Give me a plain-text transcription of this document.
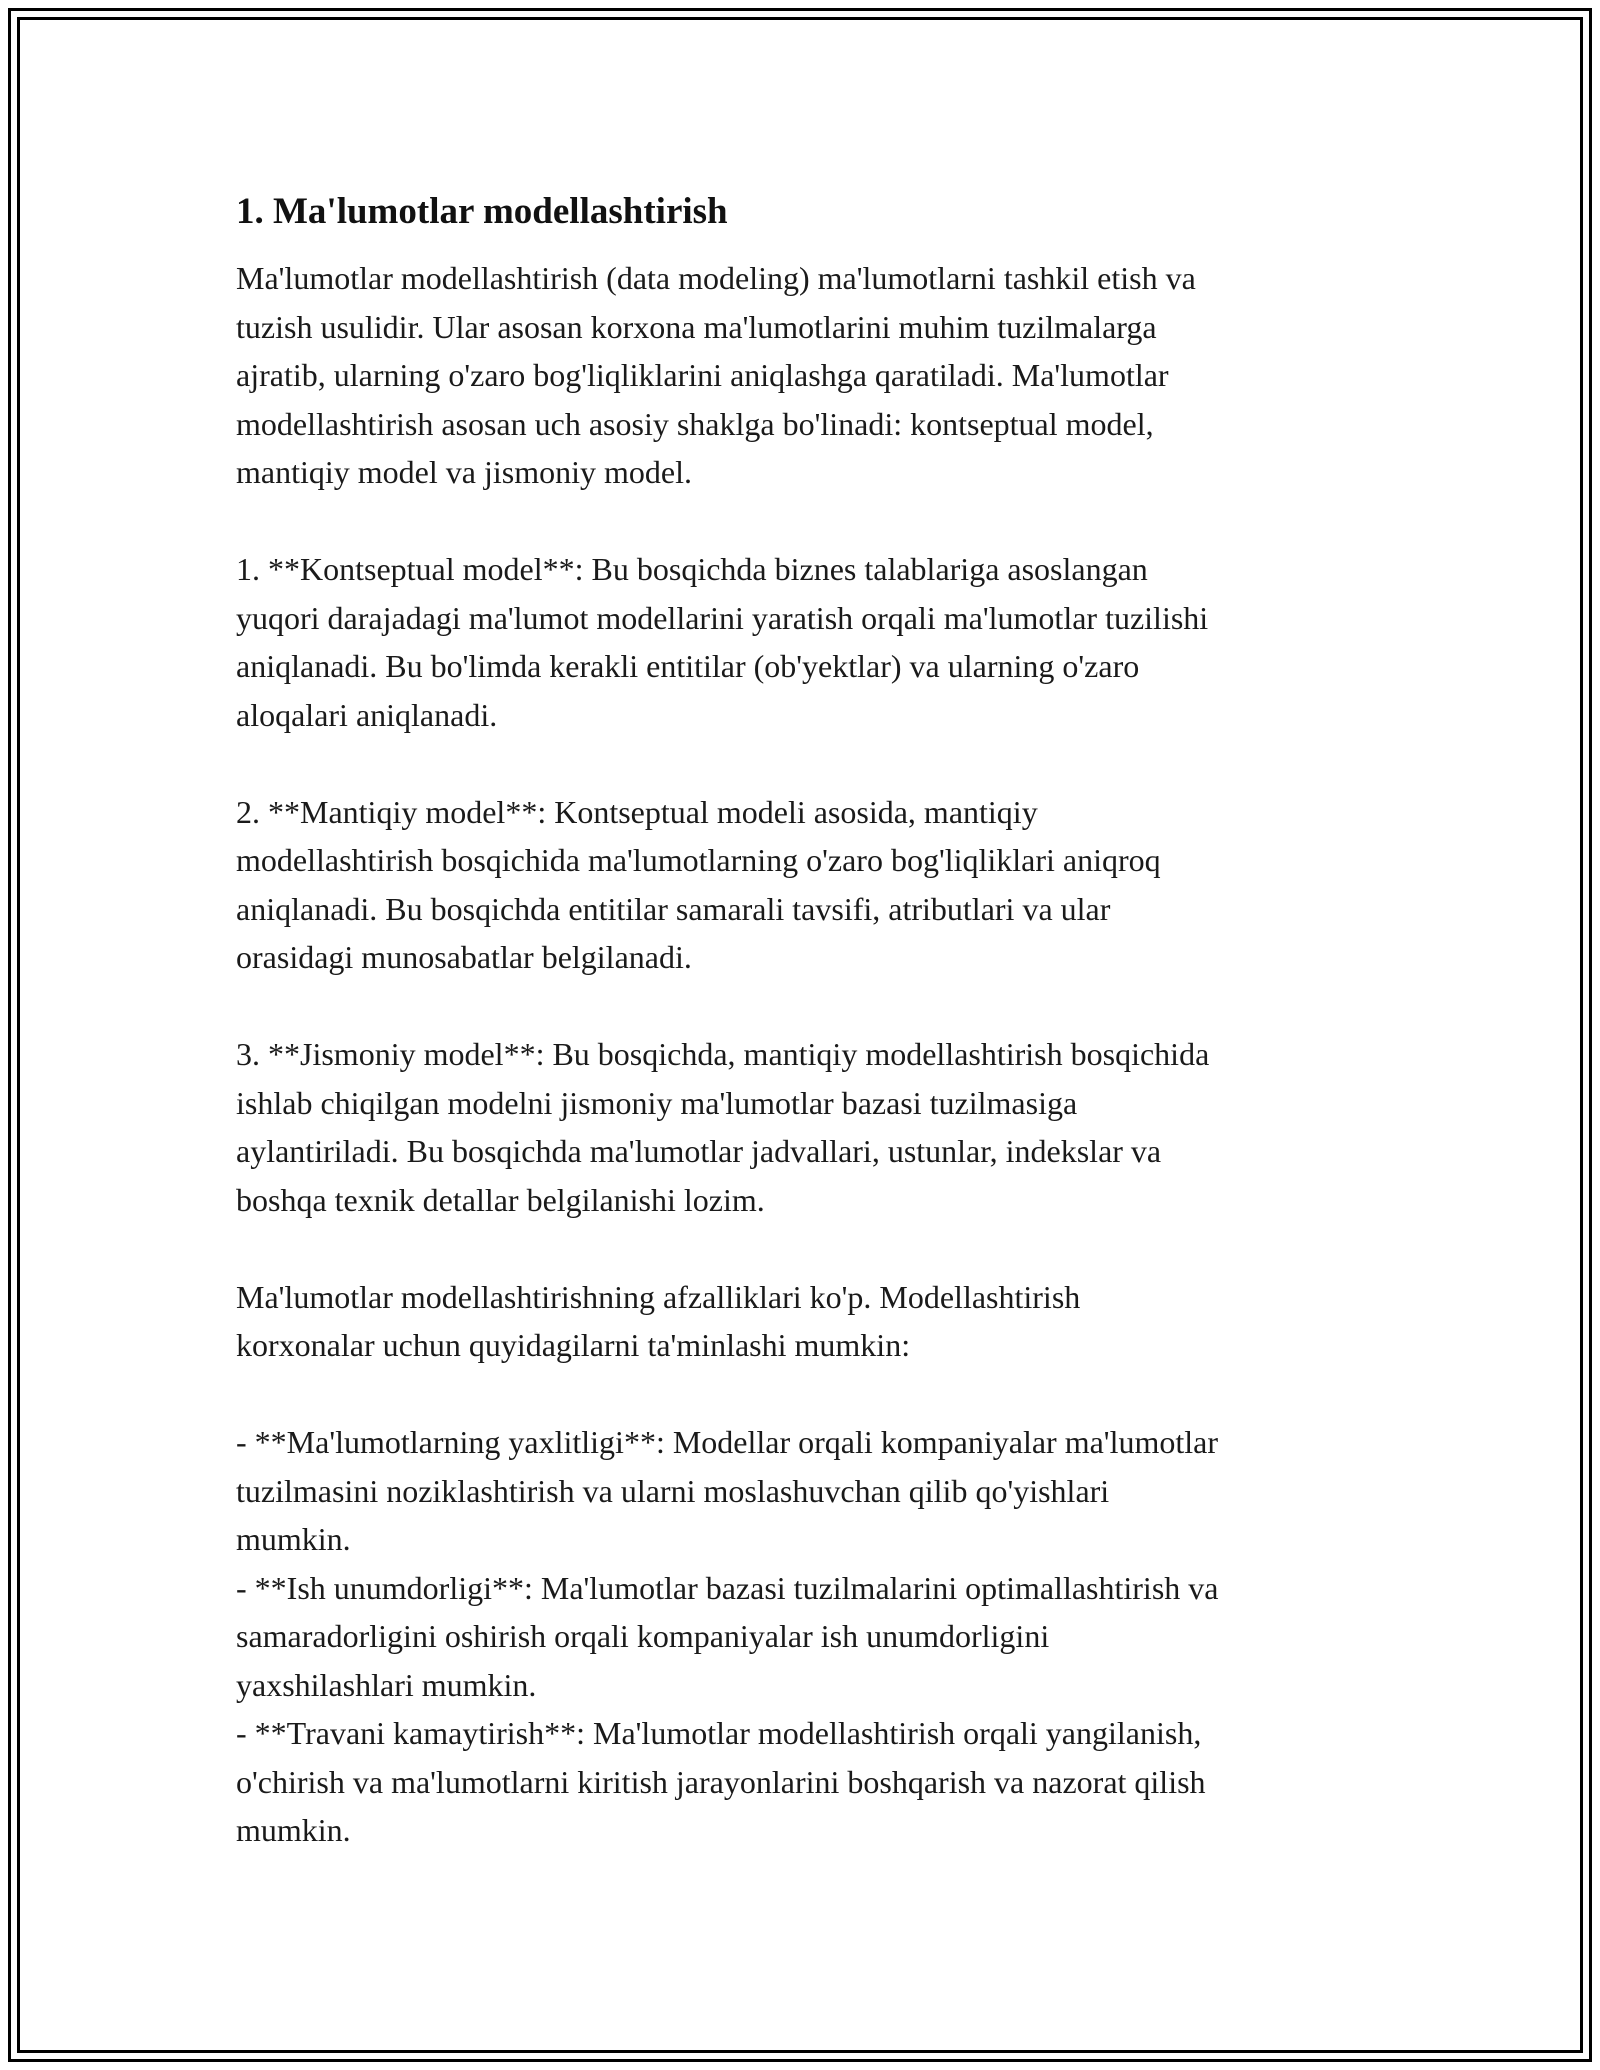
1. Ma'lumotlar modellashtirish
Ma'lumotlar modellashtirish (data modeling) ma'lumotlarni tashkil etish va
tuzish usulidir. Ular asosan korxona ma'lumotlarini muhim tuzilmalarga
ajratib, ularning o'zaro bog'liqliklarini aniqlashga qaratiladi. Ma'lumotlar
modellashtirish asosan uch asosiy shaklga bo'linadi: kontseptual model,
mantiqiy model va jismoniy model.
1. **Kontseptual model**: Bu bosqichda biznes talablariga asoslangan
yuqori darajadagi ma'lumot modellarini yaratish orqali ma'lumotlar tuzilishi
aniqlanadi. Bu bo'limda kerakli entitilar (ob'yektlar) va ularning o'zaro
aloqalari aniqlanadi.
2. **Mantiqiy model**: Kontseptual modeli asosida, mantiqiy
modellashtirish bosqichida ma'lumotlarning o'zaro bog'liqliklari aniqroq
aniqlanadi. Bu bosqichda entitilar samarali tavsifi, atributlari va ular
orasidagi munosabatlar belgilanadi.
3. **Jismoniy model**: Bu bosqichda, mantiqiy modellashtirish bosqichida
ishlab chiqilgan modelni jismoniy ma'lumotlar bazasi tuzilmasiga
aylantiriladi. Bu bosqichda ma'lumotlar jadvallari, ustunlar, indekslar va
boshqa texnik detallar belgilanishi lozim.
Ma'lumotlar modellashtirishning afzalliklari ko'p. Modellashtirish
korxonalar uchun quyidagilarni ta'minlashi mumkin:
- **Ma'lumotlarning yaxlitligi**: Modellar orqali kompaniyalar ma'lumotlar
tuzilmasini noziklashtirish va ularni moslashuvchan qilib qo'yishlari
mumkin.
- **Ish unumdorligi**: Ma'lumotlar bazasi tuzilmalarini optimallashtirish va
samaradorligini oshirish orqali kompaniyalar ish unumdorligini
yaxshilashlari mumkin.
- **Travani kamaytirish**: Ma'lumotlar modellashtirish orqali yangilanish,
o'chirish va ma'lumotlarni kiritish jarayonlarini boshqarish va nazorat qilish
mumkin.
